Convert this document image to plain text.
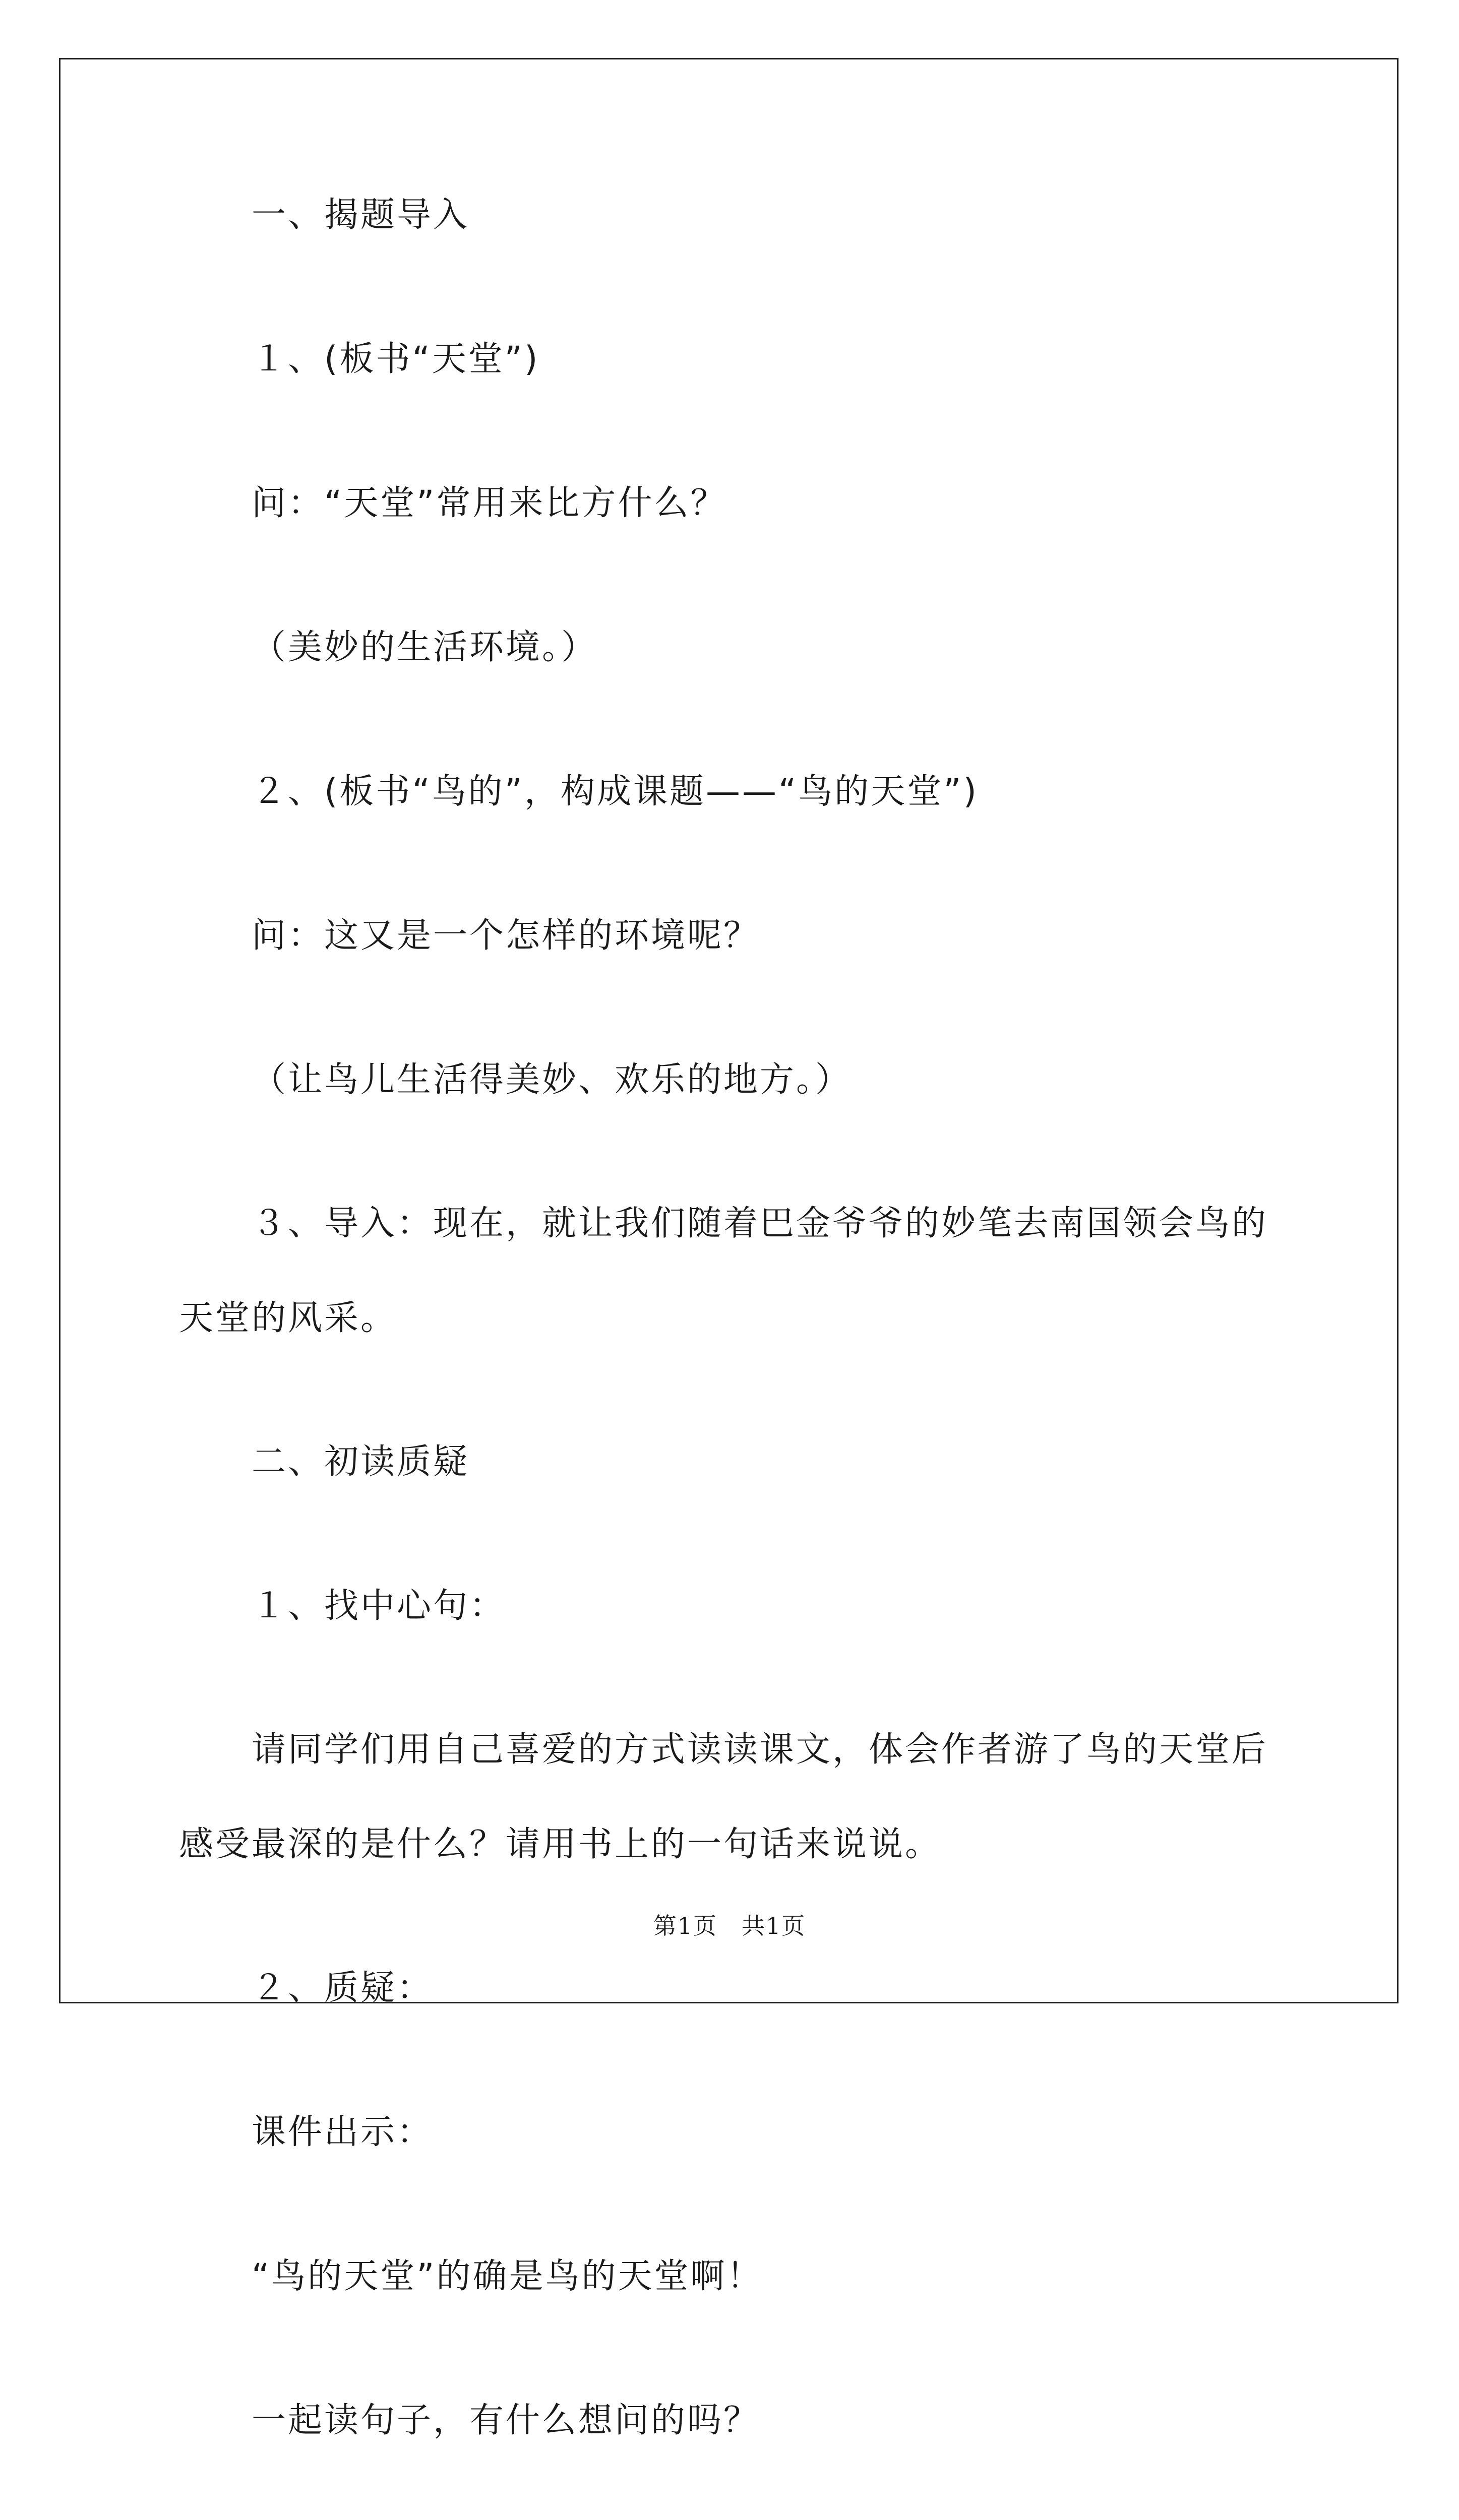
一、揭题导入

１、(板书“天堂”)

问：“天堂”常用来比方什么？

（美妙的生活环境。）

２、(板书“鸟的”，构成课题——“鸟的天堂”)

问：这又是一个怎样的环境呢？

（让鸟儿生活得美妙、欢乐的地方。）

３、导入：现在，就让我们随着巴金爷爷的妙笔去南国领会鸟的天堂的风采。

二、初读质疑

１、找中心句：

请同学们用自己喜爱的方式读读课文，体会作者游了鸟的天堂后感受最深的是什么？请用书上的一句话来说说。

２、质疑：

课件出示：

“鸟的天堂”的确是鸟的天堂啊！

一起读句子，有什么想问的吗？

第1页　共1页
